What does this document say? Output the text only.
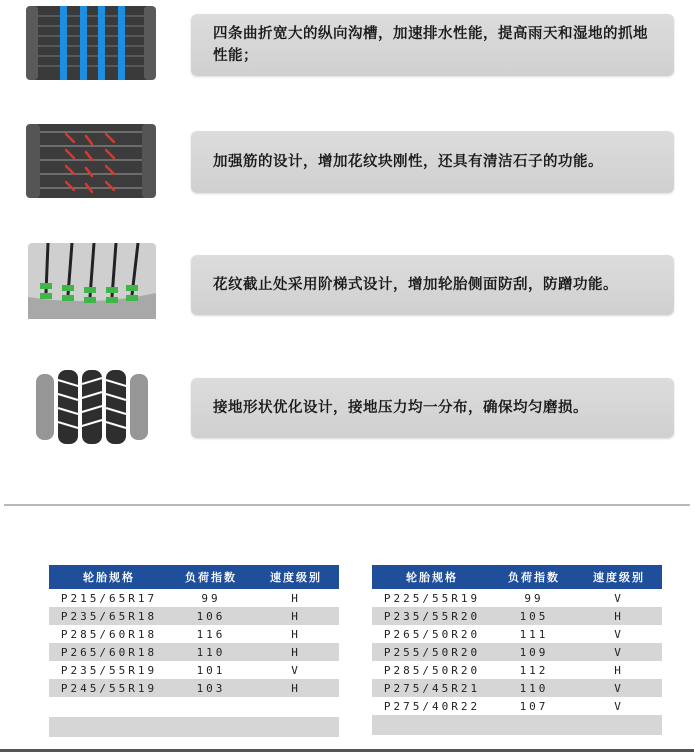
四条曲折宽大的纵向沟槽，加速排水性能，提高雨天和湿地的抓地性能；
加强筋的设计，增加花纹块刚性，还具有清洁石子的功能。
花纹截止处采用阶梯式设计，增加轮胎侧面防刮，防蹭功能。
接地形状优化设计，接地压力均一分布，确保均匀磨损。
轮胎规格	负荷指数	速度级别
P215/65R17	99	H
P235/65R18	106	H
P285/60R18	116	H
P265/60R18	110	H
P235/55R19	101	V
P245/55R19	103	H

轮胎规格	负荷指数	速度级别
P225/55R19	99	V
P235/55R20	105	H
P265/50R20	111	V
P255/50R20	109	V
P285/50R20	112	H
P275/45R21	110	V
P275/40R22	107	V
